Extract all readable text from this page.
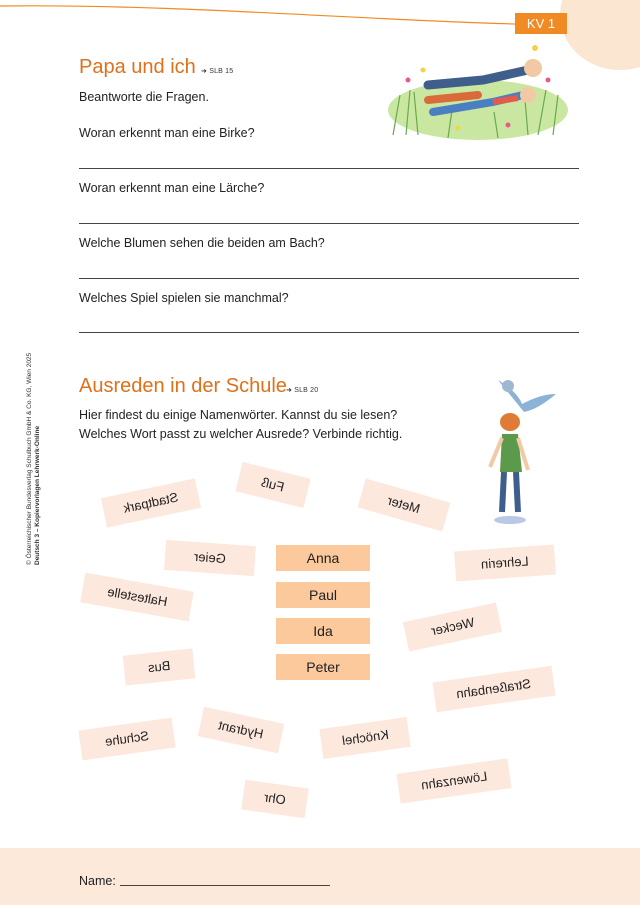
KV 1
© Österreichischer Bundesverlag Schulbuch GmbH & Co. KG, Wien 2025 Deutsch 3 – Kopiervorlagen Lehrwerk-Online
Papa und ich ➜ SLB 15
Beantworte die Fragen.
Woran erkennt man eine Birke?
Woran erkennt man eine Lärche?
Welche Blumen sehen die beiden am Bach?
Welches Spiel spielen sie manchmal?
Ausreden in der Schule ➜ SLB 20
Hier findest du einige Namenwörter. Kannst du sie lesen?
Welches Wort passt zu welcher Ausrede? Verbinde richtig.
Anna
Paul
Ida
Peter
Stadtpark
Fuß
Meter
Geier	Lehrerin
Haltestelle
Wecker
Bus
Straßenbahn
Hydrant
Schuhe	Knöchel
Löwenzahn
Ohr
Name:
